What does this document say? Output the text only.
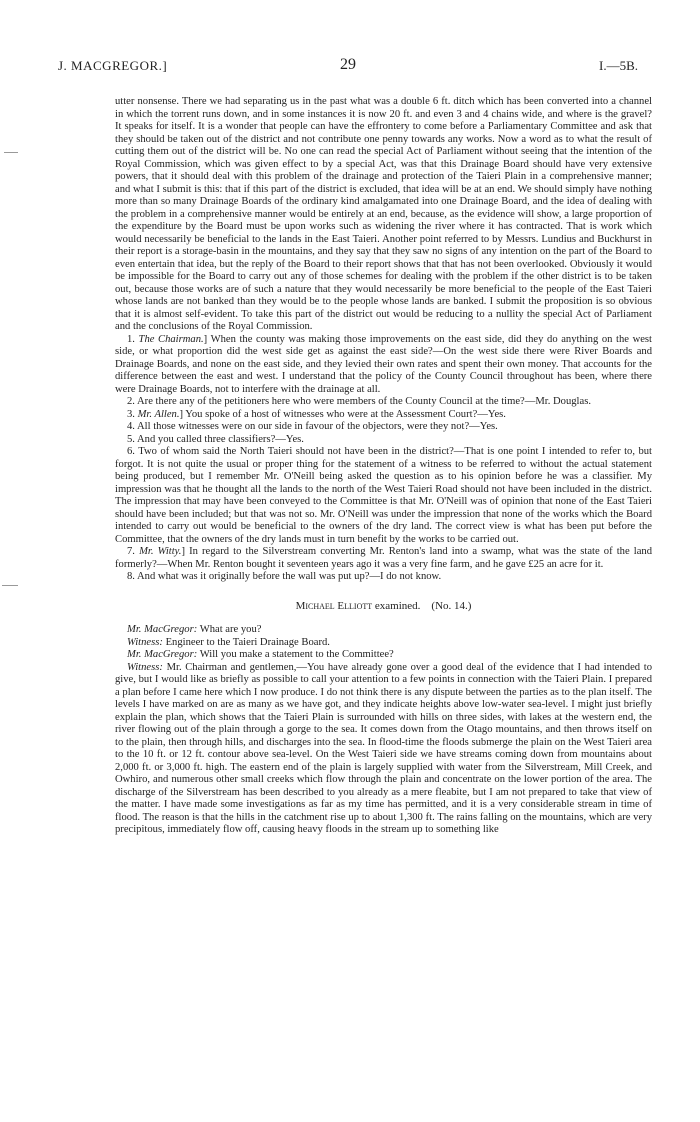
J. MACGREGOR.]	29	I.—5B.

utter nonsense. There we had separating us in the past what was a double 6 ft. ditch which has been converted into a channel in which the torrent runs down, and in some instances it is now 20 ft. and even 3 and 4 chains wide, and where is the gravel? It speaks for itself. It is a wonder that people can have the effrontery to come before a Parliamentary Committee and ask that they should be taken out of the district and not contribute one penny towards any works. Now a word as to what the result of cutting them out of the district will be. No one can read the special Act of Parliament without seeing that the intention of the Royal Commission, which was given effect to by a special Act, was that this Drainage Board should have very extensive powers, that it should deal with this problem of the drainage and protection of the Taieri Plain in a comprehensive manner; and what I submit is this: that if this part of the district is excluded, that idea will be at an end. We should simply have nothing more than so many Drainage Boards of the ordinary kind amalgamated into one Drainage Board, and the idea of dealing with the problem in a comprehensive manner would be entirely at an end, because, as the evidence will show, a large proportion of the expenditure by the Board must be upon works such as widening the river where it has contracted. That is work which would necessarily be beneficial to the lands in the East Taieri. Another point referred to by Messrs. Lundius and Buckhurst in their report is a storage-basin in the mountains, and they say that they saw no signs of any intention on the part of the Board to even entertain that idea, but the reply of the Board to their report shows that that has not been overlooked. Obviously it would be impossible for the Board to carry out any of those schemes for dealing with the problem if the other district is to be taken out, because those works are of such a nature that they would necessarily be more beneficial to the people of the East Taieri whose lands are not banked than they would be to the people whose lands are banked. I submit the proposition is so obvious that it is almost self-evident. To take this part of the district out would be reducing to a nullity the special Act of Parliament and the conclusions of the Royal Commission.

1. The Chairman.] When the county was making those improvements on the east side, did they do anything on the west side, or what proportion did the west side get as against the east side?—On the west side there were River Boards and Drainage Boards, and none on the east side, and they levied their own rates and spent their own money. That accounts for the difference between the east and west. I understand that the policy of the County Council throughout has been, where there were Drainage Boards, not to interfere with the drainage at all.

2. Are there any of the petitioners here who were members of the County Council at the time?—Mr. Douglas.

3. Mr. Allen.] You spoke of a host of witnesses who were at the Assessment Court?—Yes.

4. All those witnesses were on our side in favour of the objectors, were they not?—Yes.

5. And you called three classifiers?—Yes.

6. Two of whom said the North Taieri should not have been in the district?—That is one point I intended to refer to, but forgot. It is not quite the usual or proper thing for the statement of a witness to be referred to without the actual statement being produced, but I remember Mr. O'Neill being asked the question as to his opinion before he was a classifier. My impression was that he thought all the lands to the north of the West Taieri Road should not have been included in the district. The impression that may have been conveyed to the Committee is that Mr. O'Neill was of opinion that none of the East Taieri should have been included; but that was not so. Mr. O'Neill was under the impression that none of the works which the Board intended to carry out would be beneficial to the owners of the dry land. The correct view is what has been put before the Committee, that the owners of the dry lands must in turn benefit by the works to be carried out.

7. Mr. Witty.] In regard to the Silverstream converting Mr. Renton's land into a swamp, what was the state of the land formerly?—When Mr. Renton bought it seventeen years ago it was a very fine farm, and he gave £25 an acre for it.

8. And what was it originally before the wall was put up?—I do not know.

Michael Elliott examined. (No. 14.)

Mr. MacGregor: What are you?

Witness: Engineer to the Taieri Drainage Board.

Mr. MacGregor: Will you make a statement to the Committee?

Witness: Mr. Chairman and gentlemen,—You have already gone over a good deal of the evidence that I had intended to give, but I would like as briefly as possible to call your attention to a few points in connection with the Taieri Plain. I prepared a plan before I came here which I now produce. I do not think there is any dispute between the parties as to the plan itself. The levels I have marked on are as many as we have got, and they indicate heights above low-water sea-level. I might just briefly explain the plan, which shows that the Taieri Plain is surrounded with hills on three sides, with lakes at the western end, the river flowing out of the plain through a gorge to the sea. It comes down from the Otago mountains, and then throws itself on to the plain, then through hills, and discharges into the sea. In flood-time the floods submerge the plain on the West Taieri area to the 10 ft. or 12 ft. contour above sea-level. On the West Taieri side we have streams coming down from mountains about 2,000 ft. or 3,000 ft. high. The eastern end of the plain is largely supplied with water from the Silverstream, Mill Creek, and Owhiro, and numerous other small creeks which flow through the plain and concentrate on the lower portion of the area. The discharge of the Silverstream has been described to you already as a mere fleabite, but I am not prepared to take that view of the matter. I have made some investigations as far as my time has permitted, and it is a very considerable stream in time of flood. The reason is that the hills in the catchment rise up to about 1,300 ft. The rains falling on the mountains, which are very precipitous, immediately flow off, causing heavy floods in the stream up to something like
